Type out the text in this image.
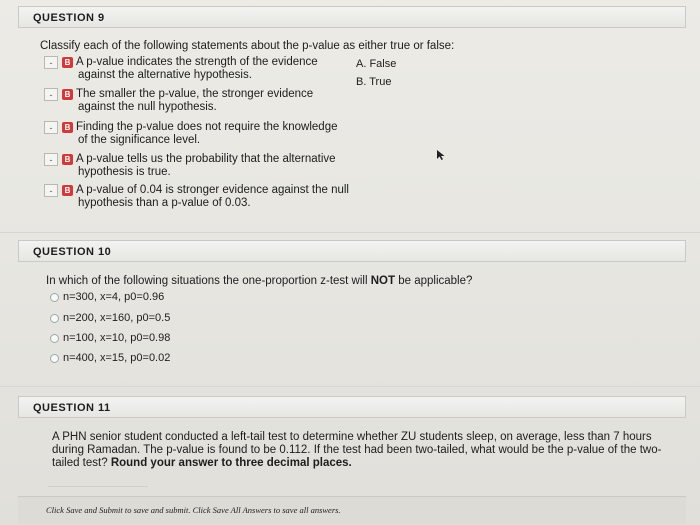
QUESTION 9
Classify each of the following statements about the p-value as either true or false:
-	B A p-value indicates the strength of the evidence
against the alternative hypothesis.
-	B The smaller the p-value, the stronger evidence
against the null hypothesis.
-	B Finding the p-value does not require the knowledge
of the significance level.
-	B A p-value tells us the probability that the alternative
hypothesis is true.
-	B A p-value of 0.04 is stronger evidence against the null
hypothesis than a p-value of 0.03.
A. False
B. True
QUESTION 10
In which of the following situations the one-proportion z-test will NOT be applicable?
n=300, x=4, p0=0.96
n=200, x=160, p0=0.5
n=100, x=10, p0=0.98
n=400, x=15, p0=0.02
QUESTION 11
A PHN senior student conducted a left-tail test to determine whether ZU students sleep, on average, less than 7 hours
during Ramadan. The p-value is found to be 0.112. If the test had been two-tailed, what would be the p-value of the two-
tailed test? Round your answer to three decimal places.
Click Save and Submit to save and submit. Click Save All Answers to save all answers.
